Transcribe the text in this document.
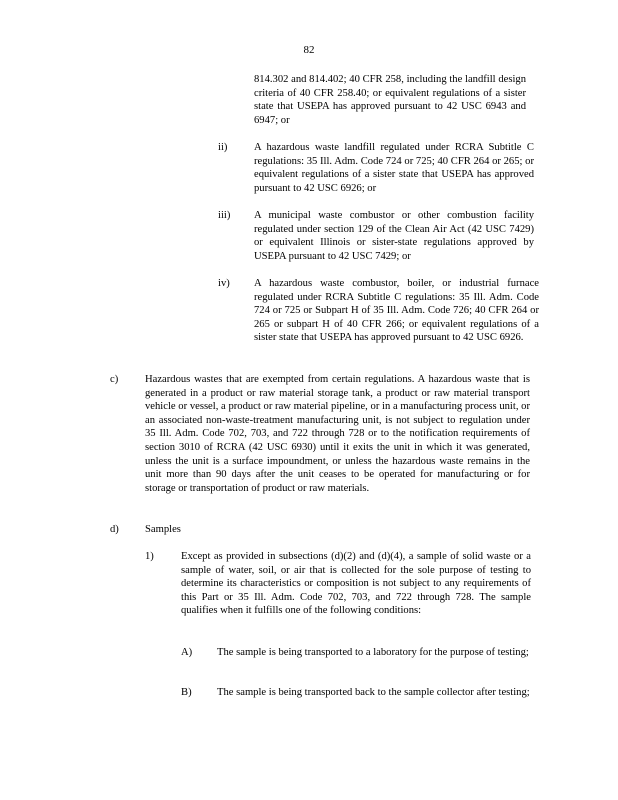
82
814.302 and 814.402; 40 CFR 258, including the landfill design criteria of 40 CFR 258.40; or equivalent regulations of a sister state that USEPA has approved pursuant to 42 USC 6943 and 6947; or
ii)	A hazardous waste landfill regulated under RCRA Subtitle C regulations: 35 Ill. Adm. Code 724 or 725; 40 CFR 264 or 265; or equivalent regulations of a sister state that USEPA has approved pursuant to 42 USC 6926; or
iii) A municipal waste combustor or other combustion facility regulated under section 129 of the Clean Air Act (42 USC 7429) or equivalent Illinois or sister-state regulations approved by USEPA pursuant to 42 USC 7429; or
iv) A hazardous waste combustor, boiler, or industrial furnace regulated under RCRA Subtitle C regulations: 35 Ill. Adm. Code 724 or 725 or Subpart H of 35 Ill. Adm. Code 726; 40 CFR 264 or 265 or subpart H of 40 CFR 266; or equivalent regulations of a sister state that USEPA has approved pursuant to 42 USC 6926.
c)	Hazardous wastes that are exempted from certain regulations. A hazardous waste that is generated in a product or raw material storage tank, a product or raw material transport vehicle or vessel, a product or raw material pipeline, or in a manufacturing process unit, or an associated non-waste-treatment manufacturing unit, is not subject to regulation under 35 Ill. Adm. Code 702, 703, and 722 through 728 or to the notification requirements of section 3010 of RCRA (42 USC 6930) until it exits the unit in which it was generated, unless the unit is a surface impoundment, or unless the hazardous waste remains in the unit more than 90 days after the unit ceases to be operated for manufacturing or for storage or transportation of product or raw materials.
d) Samples
1)	Except as provided in subsections (d)(2) and (d)(4), a sample of solid waste or a sample of water, soil, or air that is collected for the sole purpose of testing to determine its characteristics or composition is not subject to any requirements of this Part or 35 Ill. Adm. Code 702, 703, and 722 through 728. The sample qualifies when it fulfills one of the following conditions:
A) The sample is being transported to a laboratory for the purpose of testing;
B) The sample is being transported back to the sample collector after testing;
